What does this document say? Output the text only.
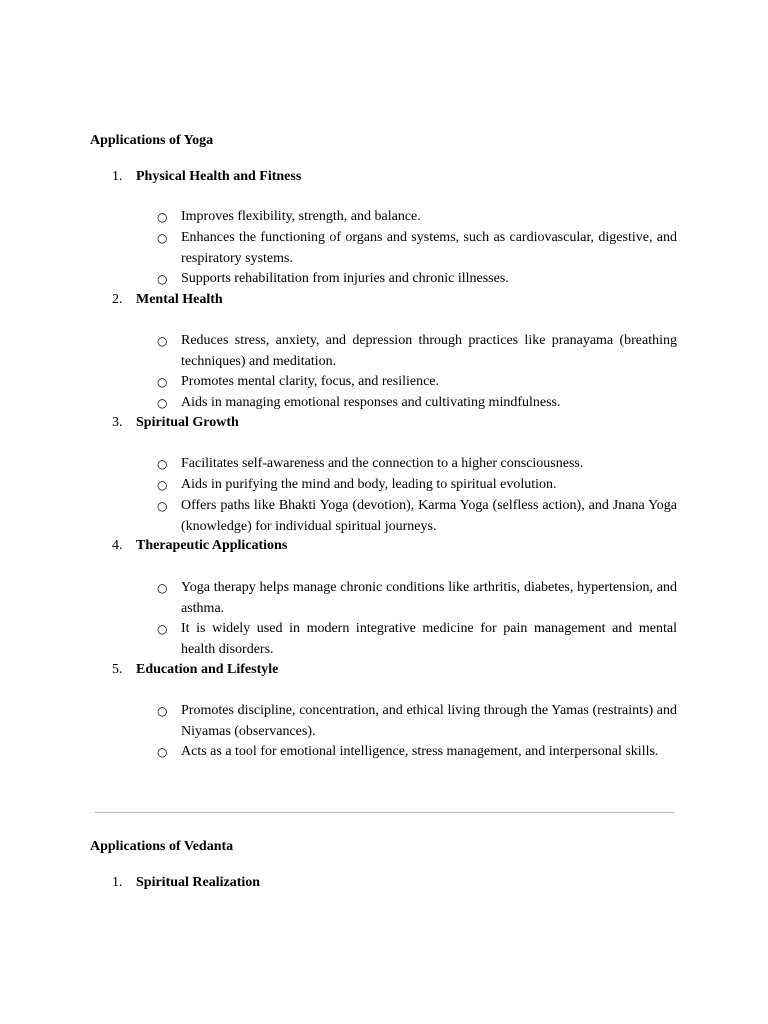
Applications of Yoga
1. Physical Health and Fitness
○ Improves flexibility, strength, and balance.
○ Enhances the functioning of organs and systems, such as cardiovascular, digestive, and respiratory systems.
○ Supports rehabilitation from injuries and chronic illnesses.
2. Mental Health
○ Reduces stress, anxiety, and depression through practices like pranayama (breathing techniques) and meditation.
○ Promotes mental clarity, focus, and resilience.
○ Aids in managing emotional responses and cultivating mindfulness.
3. Spiritual Growth
○ Facilitates self-awareness and the connection to a higher consciousness.
○ Aids in purifying the mind and body, leading to spiritual evolution.
○ Offers paths like Bhakti Yoga (devotion), Karma Yoga (selfless action), and Jnana Yoga (knowledge) for individual spiritual journeys.
4. Therapeutic Applications
○ Yoga therapy helps manage chronic conditions like arthritis, diabetes, hypertension, and asthma.
○ It is widely used in modern integrative medicine for pain management and mental health disorders.
5. Education and Lifestyle
○ Promotes discipline, concentration, and ethical living through the Yamas (restraints) and Niyamas (observances).
○ Acts as a tool for emotional intelligence, stress management, and interpersonal skills.
Applications of Vedanta
1. Spiritual Realization
